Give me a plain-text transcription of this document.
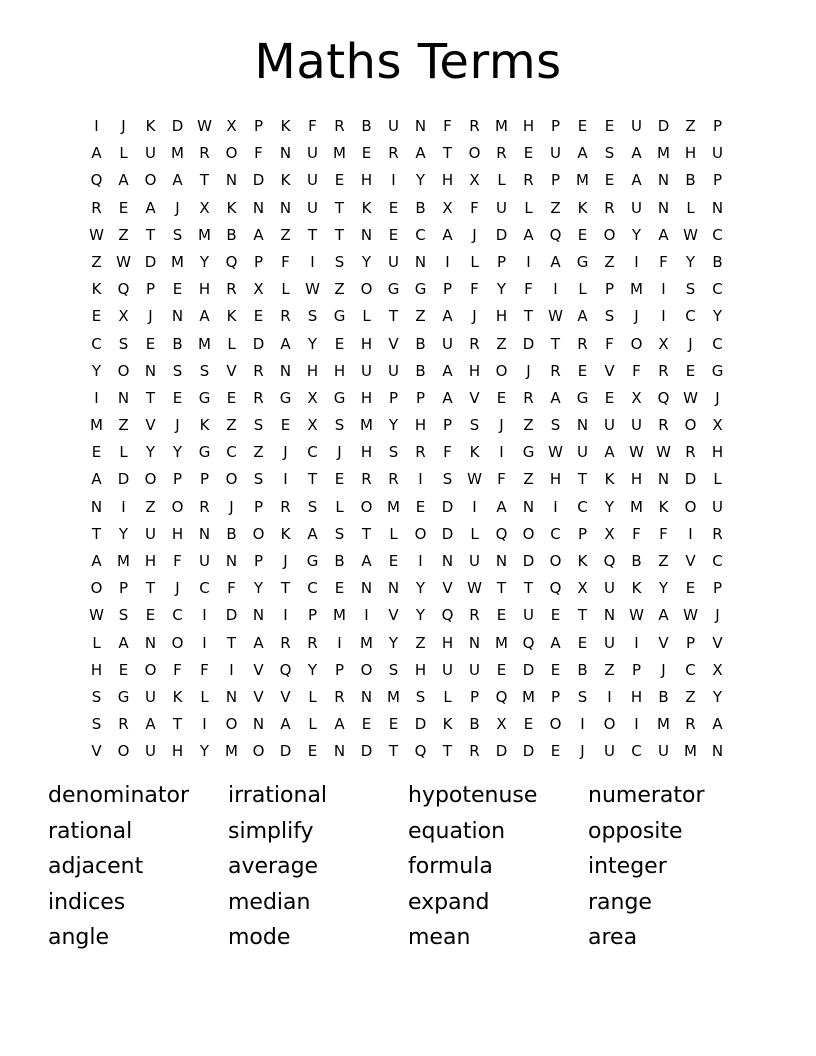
Maths Terms
I	J	K	D W X	P	K	F	R	B	U	N	F	R	M H	P	E	E	U	D	Z	P
A	L	U	M	R	O	F	N	U	M	E	R	A	T	O	R	E	U	A	S	A	M H	U
Q	A	O	A	T	N	D	K	U	E	H	I	Y	H	X	L	R	P	M	E	A	N	B	P
R	E	A	J	X	K	N	N	U	T	K	E	B	X	F	U	L	Z	K	R	U	N	L	N
W Z	T	S	M	B	A	Z	T	T	N	E	C	A	J	D	A	Q	E	O	Y	A W C
Z W D M	Y	Q	P	F	I	S	Y	U	N	I	L	P	I	A	G	Z	I	F	Y	B
K	Q	P	E	H	R	X	L	W Z	O	G	G	P	F	Y	F	I	L	P	M	I	S	C
E	X	J	N	A	K	E	R	S	G	L	T	Z	A	J	H	T	W A	S	J	I	C	Y
C	S	E	B	M	L	D	A	Y	E	H	V	B	U	R	Z	D	T	R	F	O	X	J	C
Y	O	N	S	S	V	R	N	H	H	U	U	B	A	H	O	J	R	E	V	F	R	E	G
I	N	T	E	G	E	R	G	X	G	H	P	P	A	V	E	R	A	G	E	X	Q W	J
M	Z	V	J	K	Z	S	E	X	S	M	Y	H	P	S	J	Z	S	N	U	U	R	O	X
E	L	Y	Y	G	C	Z	J	C	J	H	S	R	F	K	I	G W U	A W W R	H
A	D	O	P	P	O	S	I	T	E	R	R	I	S W	F	Z	H	T	K	H	N	D	L
N	I	Z	O	R	J	P	R	S	L	O M	E	D	I	A	N	I	C	Y	M	K	O	U
T	Y	U	H	N	B	O	K	A	S	T	L	O	D	L	Q	O	C	P	X	F	F	I	R
A	M H	F	U	N	P	J	G	B	A	E	I	N	U	N	D	O	K	Q	B	Z	V	C
O	P	T	J	C	F	Y	T	C	E	N	N	Y	V W T	T	Q	X	U	K	Y	E	P
W S	E	C	I	D	N	I	P	M	I	V	Y	Q	R	E	U	E	T	N W A W	J
L	A	N	O	I	T	A	R	R	I	M	Y	Z	H	N M Q	A	E	U	I	V	P	V
H	E	O	F	F	I	V	Q	Y	P	O	S	H	U	U	E	D	E	B	Z	P	J	C	X
S	G	U	K	L	N	V	V	L	R	N M	S	L	P	Q M	P	S	I	H	B	Z	Y
S	R	A	T	I	O	N	A	L	A	E	E	D	K	B	X	E	O	I	O	I	M	R	A
V	O	U	H	Y	M O	D	E	N	D	T	Q	T	R	D	D	E	J	U	C	U	M N
denominator	irrational	hypotenuse	numerator
rational	simplify	equation	opposite
adjacent	average	formula	integer
indices	median	expand	range
angle	mode	mean	area
